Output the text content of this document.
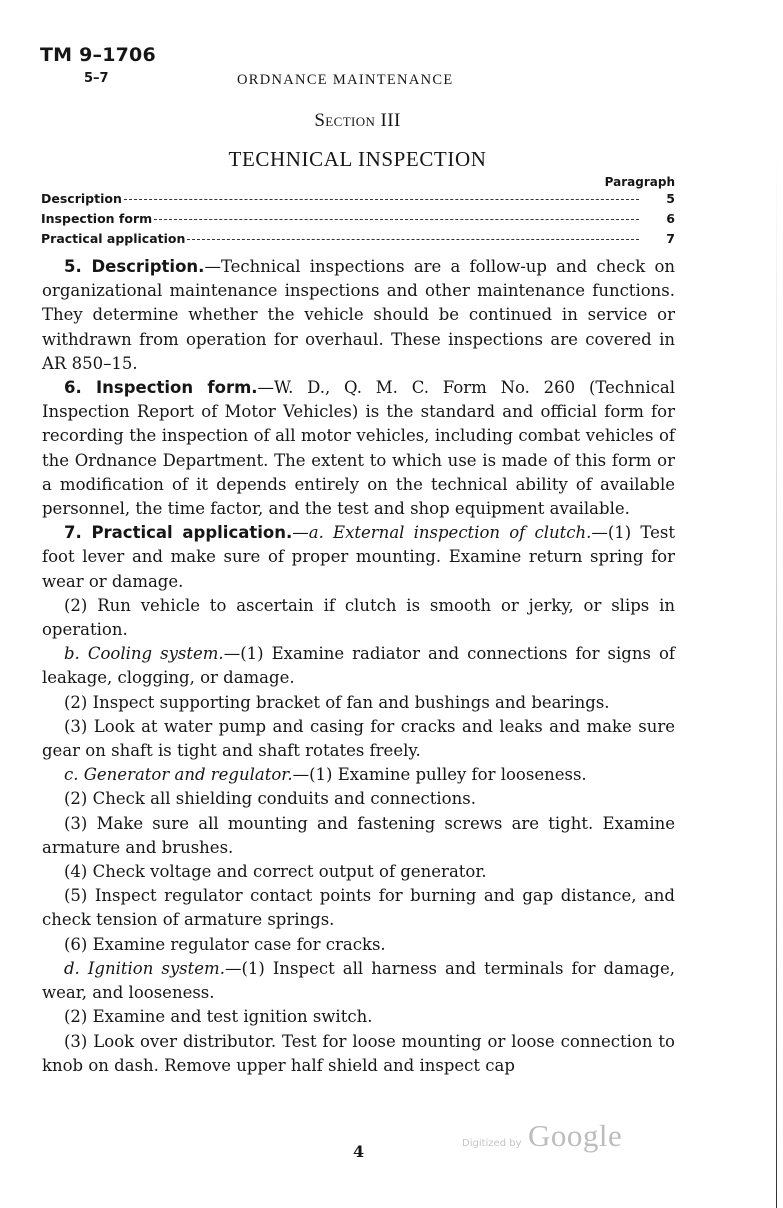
TM 9–1706
5–7	ORDNANCE MAINTENANCE
Section III
TECHNICAL INSPECTION
Paragraph
Description	5
Inspection form	6
Practical application	7

5. Description.—Technical inspections are a follow-up and check on organizational maintenance inspections and other maintenance functions. They determine whether the vehicle should be continued in service or withdrawn from operation for overhaul. These inspections are covered in AR 850–15.

6. Inspection form.—W. D., Q. M. C. Form No. 260 (Technical Inspection Report of Motor Vehicles) is the standard and official form for recording the inspection of all motor vehicles, including combat vehicles of the Ordnance Department. The extent to which use is made of this form or a modification of it depends entirely on the technical ability of available personnel, the time factor, and the test and shop equipment available.

7. Practical application.—a. External inspection of clutch.—(1) Test foot lever and make sure of proper mounting. Examine return spring for wear or damage.

(2) Run vehicle to ascertain if clutch is smooth or jerky, or slips in operation.

b. Cooling system.—(1) Examine radiator and connections for signs of leakage, clogging, or damage.

(2) Inspect supporting bracket of fan and bushings and bearings.

(3) Look at water pump and casing for cracks and leaks and make sure gear on shaft is tight and shaft rotates freely.

c. Generator and regulator.—(1) Examine pulley for looseness.

(2) Check all shielding conduits and connections.

(3) Make sure all mounting and fastening screws are tight. Examine armature and brushes.

(4) Check voltage and correct output of generator.

(5) Inspect regulator contact points for burning and gap distance, and check tension of armature springs.

(6) Examine regulator case for cracks.

d. Ignition system.—(1) Inspect all harness and terminals for damage, wear, and looseness.

(2) Examine and test ignition switch.

(3) Look over distributor. Test for loose mounting or loose connection to knob on dash. Remove upper half shield and inspect cap

4	Digitized by Google
